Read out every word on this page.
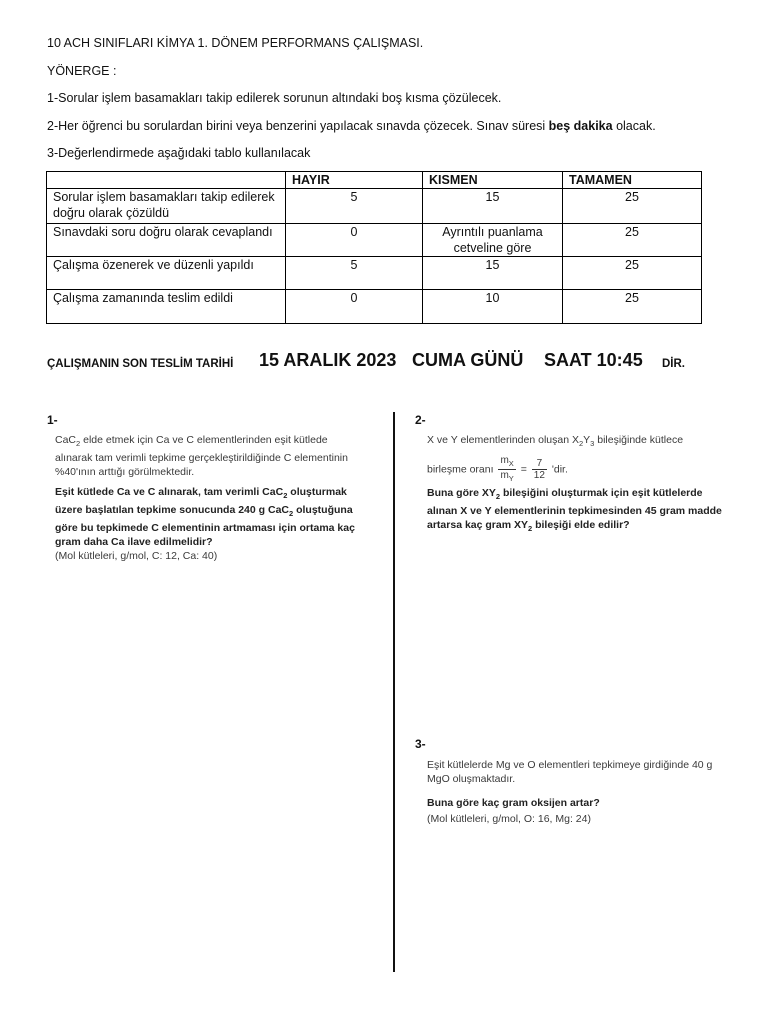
10 ACH SINIFLARI KİMYA 1. DÖNEM PERFORMANS ÇALIŞMASI.
YÖNERGE :
1-Sorular işlem basamakları takip edilerek sorunun altındaki boş kısma çözülecek.
2-Her öğrenci bu sorulardan birini veya benzerini yapılacak sınavda çözecek. Sınav süresi beş dakika olacak.
3-Değerlendirmede aşağıdaki tablo kullanılacak
	HAYIR	KISMEN	TAMAMEN
Sorular işlem basamakları takip edilerek doğru olarak çözüldü	5	15	25
Sınavdaki soru doğru olarak cevaplandı	0	Ayrıntılı puanlama cetveline göre	25
Çalışma özenerek ve düzenli yapıldı	5	15	25
Çalışma zamanında teslim edildi	0	10	25
ÇALIŞMANIN SON TESLİM TARİHİ 15 ARALIK 2023 CUMA GÜNÜ SAAT 10:45 DİR.
1-

CaC$_2$ elde etmek için Ca ve C elementlerinden eşit kütlede alınarak tam verimli tepkime gerçekleştirildiğinde C elementinin %40'ının arttığı görülmektedir.

Eşit kütlede Ca ve C alınarak, tam verimli CaC$_2$ oluşturmak üzere başlatılan tepkime sonucunda 240 g CaC$_2$ oluştuğuna göre bu tepkimede C elementinin artmaması için ortama kaç gram daha Ca ilave edilmelidir?

(Mol kütleleri, g/mol, C: 12, Ca: 40)

2-

X ve Y elementlerinden oluşan $X_2Y_3$ bileşiğinde kütlece

birleşme oranı $\frac{m_X}{m_Y} = \frac{7}{12}$ 'dir.

Buna göre $XY_2$ bileşiğini oluşturmak için eşit kütlelerde alınan X ve Y elementlerinin tepkimesinden 45 gram madde artarsa kaç gram $XY_2$ bileşiği elde edilir?

3-

Eşit kütlelerde Mg ve O elementleri tepkimeye girdiğinde 40 g MgO oluşmaktadır.

Buna göre kaç gram oksijen artar?

(Mol kütleleri, g/mol, O: 16, Mg: 24)
